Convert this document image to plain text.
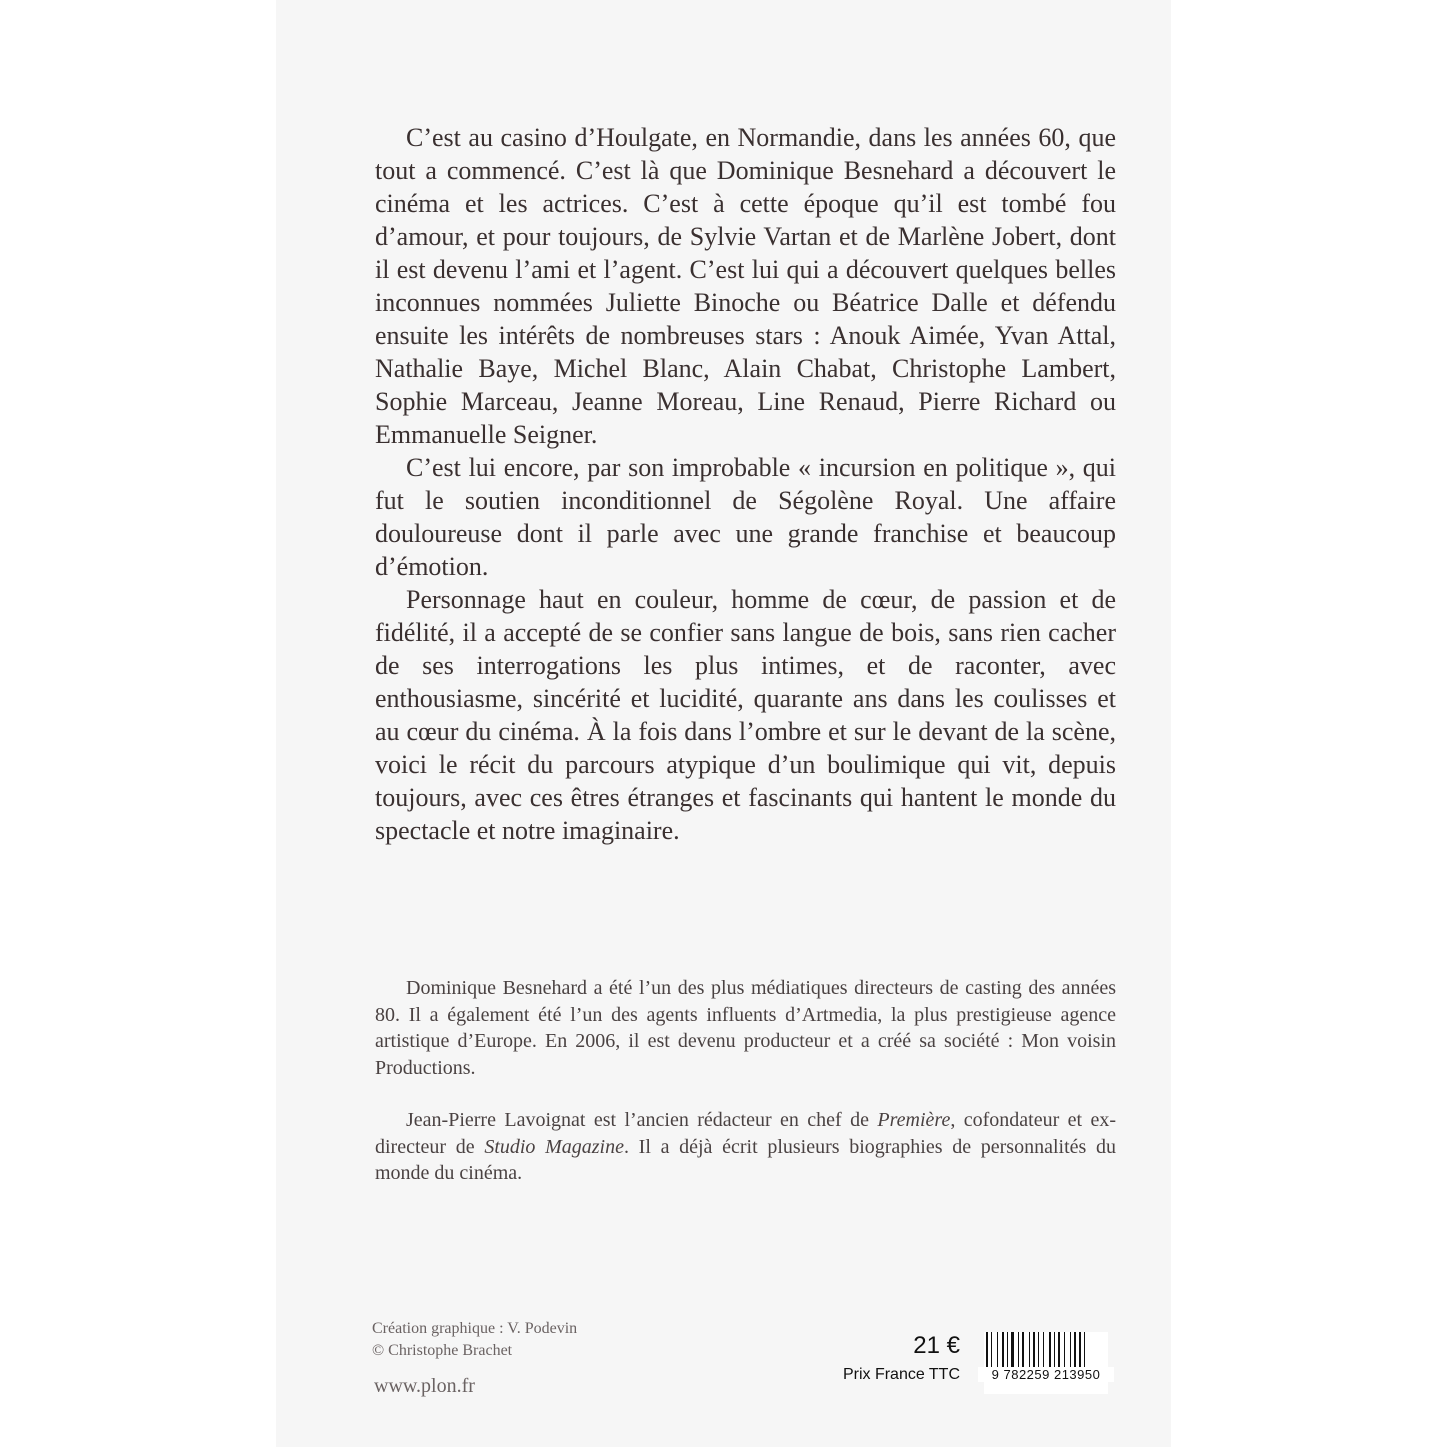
C’est au casino d’Houlgate, en Normandie, dans les années 60, que tout a commencé. C’est là que Dominique Besnehard a découvert le cinéma et les actrices. C’est à cette époque qu’il est tombé fou d’amour, et pour toujours, de Sylvie Vartan et de Marlène Jobert, dont il est devenu l’ami et l’agent. C’est lui qui a découvert quelques belles inconnues nommées Juliette Binoche ou Béatrice Dalle et défendu ensuite les intérêts de nombreuses stars : Anouk Aimée, Yvan Attal, Nathalie Baye, Michel Blanc, Alain Chabat, Christophe Lambert, Sophie Marceau, Jeanne Moreau, Line Renaud, Pierre Richard ou Emmanuelle Seigner.

C’est lui encore, par son improbable « incursion en politique », qui fut le soutien inconditionnel de Ségolène Royal. Une affaire douloureuse dont il parle avec une grande franchise et beaucoup d’émotion.

Personnage haut en couleur, homme de cœur, de passion et de fidélité, il a accepté de se confier sans langue de bois, sans rien cacher de ses interrogations les plus intimes, et de raconter, avec enthousiasme, sincérité et lucidité, quarante ans dans les coulisses et au cœur du cinéma. À la fois dans l’ombre et sur le devant de la scène, voici le récit du parcours atypique d’un boulimique qui vit, depuis toujours, avec ces êtres étranges et fascinants qui hantent le monde du spectacle et notre imaginaire.

Dominique Besnehard a été l’un des plus médiatiques directeurs de casting des années 80. Il a également été l’un des agents influents d’Artmedia, la plus prestigieuse agence artistique d’Europe. En 2006, il est devenu producteur et a créé sa société : Mon voisin Productions.

Jean-Pierre Lavoignat est l’ancien rédacteur en chef de Première, cofondateur et ex-directeur de Studio Magazine. Il a déjà écrit plusieurs biographies de personnalités du monde du cinéma.

Création graphique : V. Podevin
© Christophe Brachet
www.plon.fr
21 €
Prix France TTC	9 782259 213950
